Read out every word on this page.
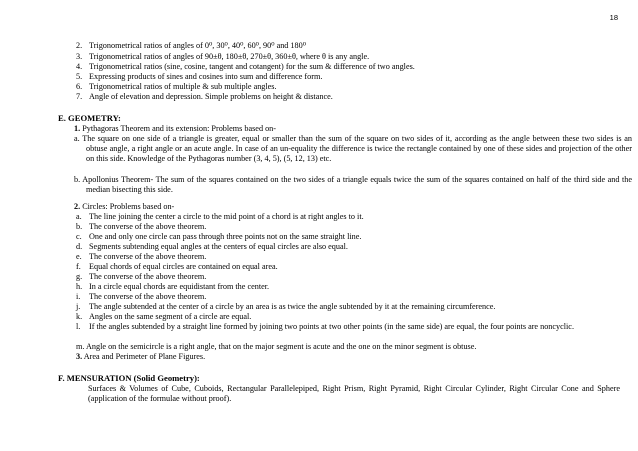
18
2. Trigonometrical ratios of angles of 0⁰, 30⁰, 40⁰, 60⁰, 90⁰ and 180⁰
3. Trigonometrical ratios of angles of 90±θ, 180±θ, 270±θ, 360±θ, where θ is any angle.
4. Trigonometrical ratios (sine, cosine, tangent and cotangent) for the sum & difference of two angles.
5. Expressing products of sines and cosines into sum and difference form.
6. Trigonometrical ratios of multiple & sub multiple angles.
7. Angle of elevation and depression. Simple problems on height & distance.
E. GEOMETRY:
1. Pythagoras Theorem and its extension: Problems based on-
a. The square on one side of a triangle is greater, equal or smaller than the sum of the square on two sides of it, according as the angle between these two sides is an obtuse angle, a right angle or an acute angle. In case of an un-equality the difference is twice the rectangle contained by one of these sides and projection of the other on this side. Knowledge of the Pythagoras number (3, 4, 5), (5, 12, 13) etc.
b. Apollonius Theorem- The sum of the squares contained on the two sides of a triangle equals twice the sum of the squares contained on half of the third side and the median bisecting this side.
2. Circles: Problems based on-
a. The line joining the center a circle to the mid point of a chord is at right angles to it.
b. The converse of the above theorem.
c. One and only one circle can pass through three points not on the same straight line.
d. Segments subtending equal angles at the centers of equal circles are also equal.
e. The converse of the above theorem.
f. Equal chords of equal circles are contained on equal area.
g. The converse of the above theorem.
h. In a circle equal chords are equidistant from the center.
i. The converse of the above theorem.
j. The angle subtended at the center of a circle by an area is as twice the angle subtended by it at the remaining circumference.
k. Angles on the same segment of a circle are equal.
l. If the angles subtended by a straight line formed by joining two points at two other points (in the same side) are equal, the four points are noncyclic.
m. Angle on the semicircle is a right angle, that on the major segment is acute and the one on the minor segment is obtuse.
3. Area and Perimeter of Plane Figures.
F. MENSURATION (Solid Geometry):
Surfaces & Volumes of Cube, Cuboids, Rectangular Parallelepiped, Right Prism, Right Pyramid, Right Circular Cylinder, Right Circular Cone and Sphere (application of the formulae without proof).
